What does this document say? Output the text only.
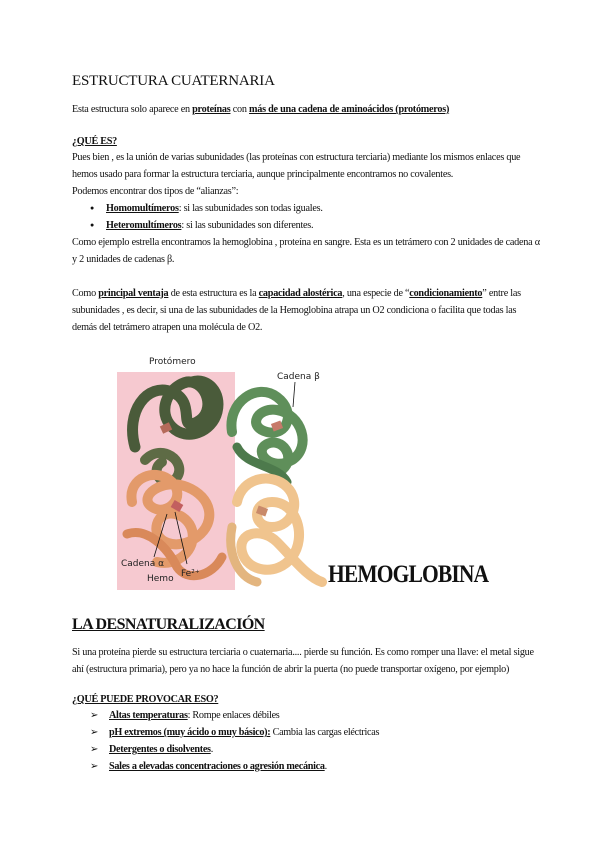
ESTRUCTURA CUATERNARIA
Esta estructura solo aparece en proteínas con más de una cadena de aminoácidos (protómeros)
¿QUÉ ES?
Pues bien , es la unión de varias subunidades (las proteínas con estructura terciaria) mediante los mismos enlaces que
hemos usado para formar la estructura terciaria, aunque principalmente encontramos no covalentes.
Podemos encontrar dos tipos de “alianzas”:
● Homomultímeros: si las subunidades son todas iguales.
● Heteromultímeros: si las subunidades son diferentes.
Como ejemplo estrella encontramos la hemoglobina , proteína en sangre. Esta es un tetrámero con 2 unidades de cadena α
y 2 unidades de cadenas β.
Como principal ventaja de esta estructura es la capacidad alostérica, una especie de “condicionamiento” entre las
subunidades , es decir, si una de las subunidades de la Hemoglobina atrapa un O2 condiciona o facilita que todas las
demás del tetrámero atrapen una molécula de O2.
Protómero
Cadena β
Cadena α
Hemo Fe²⁺	HEMOGLOBINA
LA DESNATURALIZACIÓN
Si una proteína pierde su estructura terciaria o cuaternaria.... pierde su función. Es como romper una llave: el metal sigue
ahí (estructura primaria), pero ya no hace la función de abrir la puerta (no puede transportar oxígeno, por ejemplo)
¿QUÉ PUEDE PROVOCAR ESO?
➢ Altas temperaturas: Rompe enlaces débiles
➢ pH extremos (muy ácido o muy básico): Cambia las cargas eléctricas
➢ Detergentes o disolventes.
➢ Sales a elevadas concentraciones o agresión mecánica.
